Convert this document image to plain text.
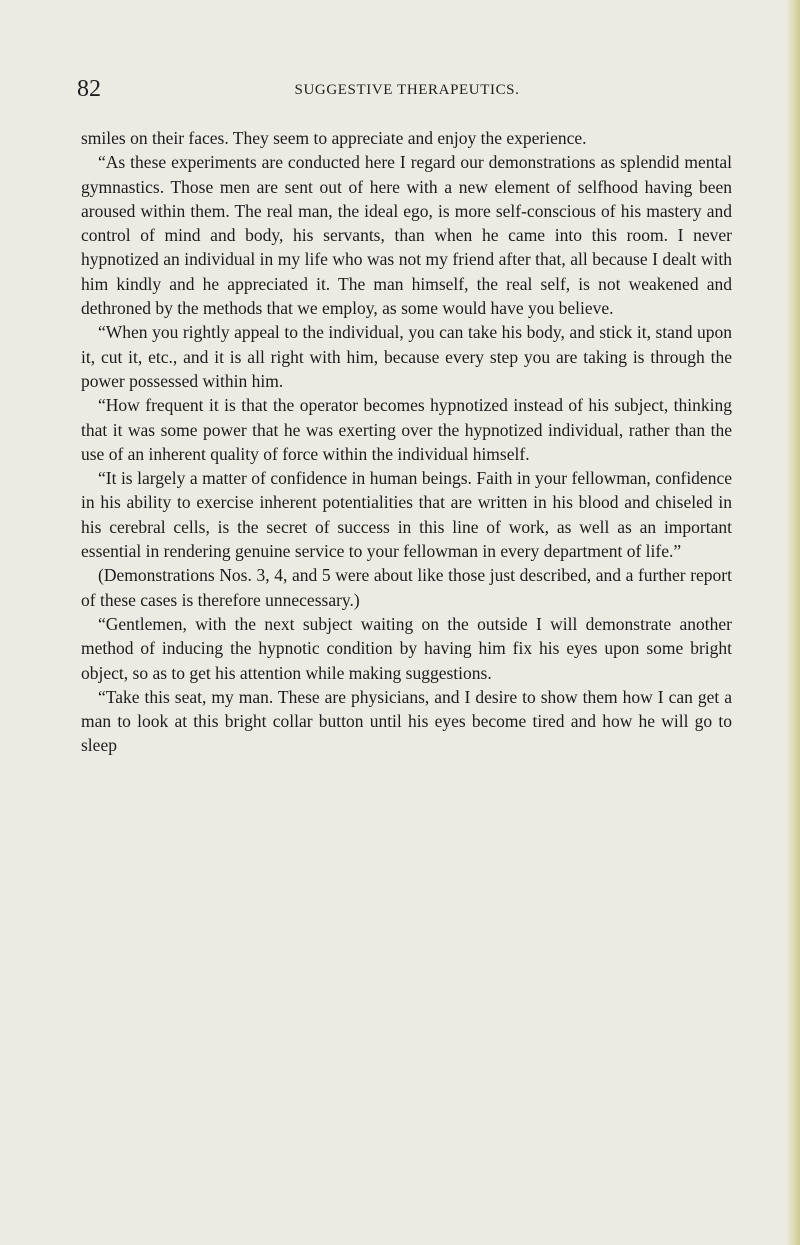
82	SUGGESTIVE THERAPEUTICS.

smiles on their faces. They seem to appreciate and enjoy the experience.

“As these experiments are conducted here I regard our demonstrations as splendid mental gymnastics. Those men are sent out of here with a new element of selfhood having been aroused within them. The real man, the ideal ego, is more self-conscious of his mastery and control of mind and body, his servants, than when he came into this room. I never hypnotized an individual in my life who was not my friend after that, all because I dealt with him kindly and he appreciated it. The man himself, the real self, is not weakened and dethroned by the methods that we employ, as some would have you believe.

“When you rightly appeal to the individual, you can take his body, and stick it, stand upon it, cut it, etc., and it is all right with him, because every step you are taking is through the power possessed within him.

“How frequent it is that the operator becomes hypnotized instead of his subject, thinking that it was some power that he was exerting over the hypnotized individual, rather than the use of an inherent quality of force within the individual himself.

“It is largely a matter of confidence in human beings. Faith in your fellowman, confidence in his ability to exercise inherent potentialities that are written in his blood and chiseled in his cerebral cells, is the secret of success in this line of work, as well as an important essential in rendering genuine service to your fellowman in every department of life.”

(Demonstrations Nos. 3, 4, and 5 were about like those just described, and a further report of these cases is therefore unnecessary.)

“Gentlemen, with the next subject waiting on the outside I will demonstrate another method of inducing the hypnotic condition by having him fix his eyes upon some bright object, so as to get his attention while making suggestions.

“Take this seat, my man. These are physicians, and I desire to show them how I can get a man to look at this bright collar button until his eyes become tired and how he will go to sleep
